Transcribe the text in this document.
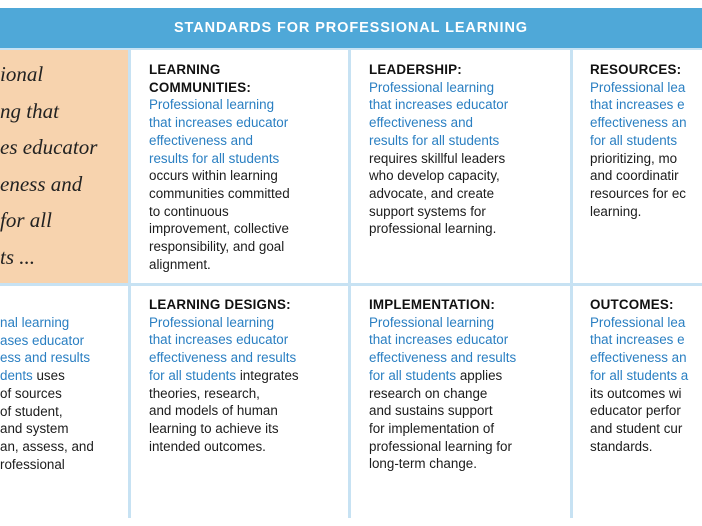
STANDARDS FOR PROFESSIONAL LEARNING
ional
ng that
es educator
eness and
for all
ts ...
LEARNING
COMMUNITIES:
Professional learning
that increases educator
effectiveness and
results for all students
occurs within learning
communities committed
to continuous
improvement, collective
responsibility, and goal
alignment.
LEADERSHIP:
Professional learning
that increases educator
effectiveness and
results for all students
requires skillful leaders
who develop capacity,
advocate, and create
support systems for
professional learning.
RESOURCES:
Professional lea
that increases e
effectiveness an
for all students
prioritizing, mo
and coordinatir
resources for ec
learning.
nal learning
ases educator
ess and results
dents uses
of sources
of student,
and system
an, assess, and
rofessional
LEARNING DESIGNS:
Professional learning
that increases educator
effectiveness and results
for all students integrates
theories, research,
and models of human
learning to achieve its
intended outcomes.
IMPLEMENTATION:
Professional learning
that increases educator
effectiveness and results
for all students applies
research on change
and sustains support
for implementation of
professional learning for
long-term change.
OUTCOMES:
Professional lea
that increases e
effectiveness an
for all students a
its outcomes wi
educator perfor
and student cur
standards.
